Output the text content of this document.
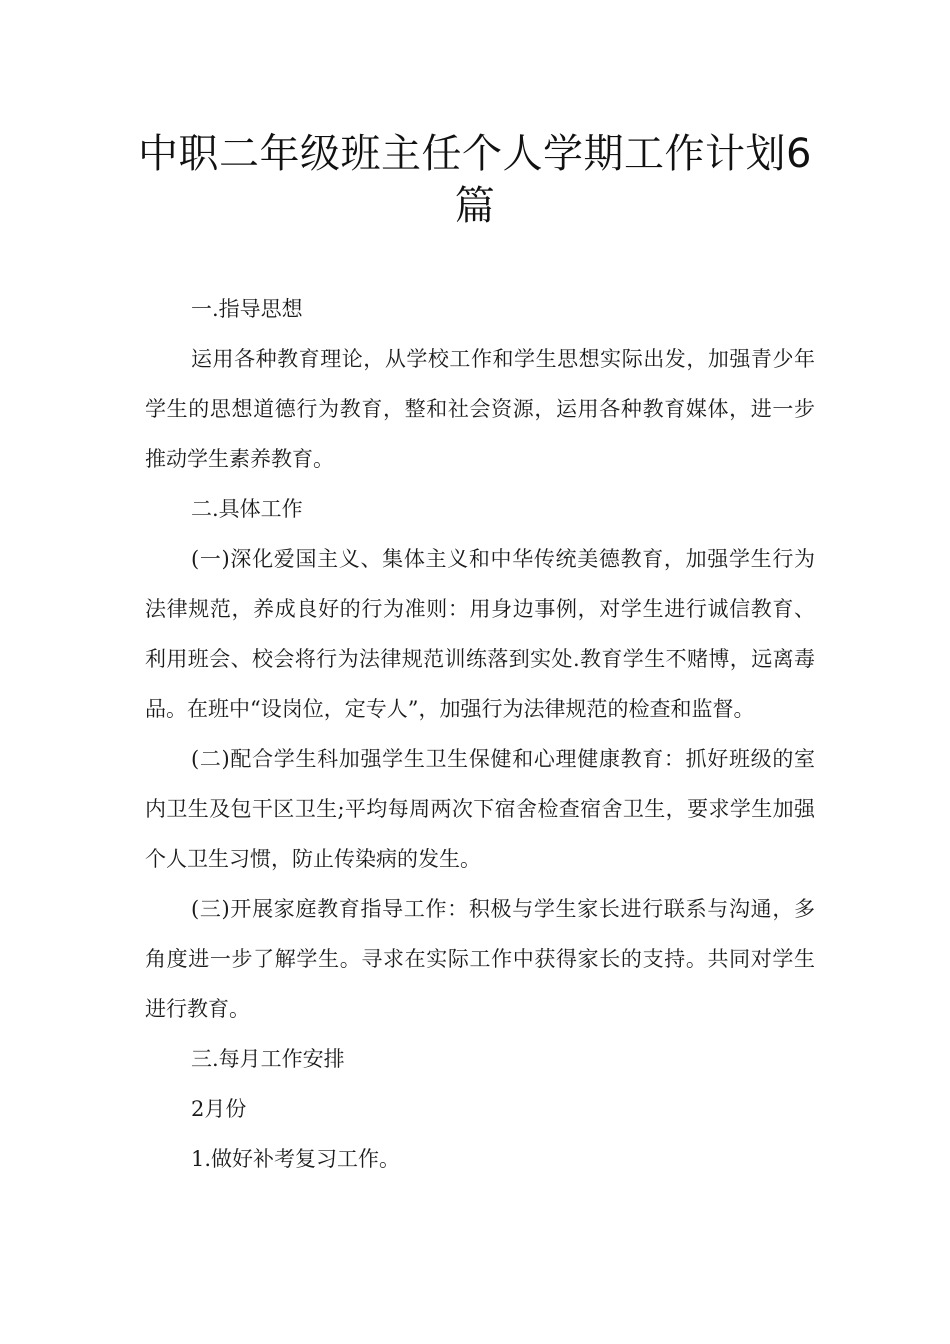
中职二年级班主任个人学期工作计划6篇

一.指导思想

运用各种教育理论，从学校工作和学生思想实际出发，加强青少年学生的思想道德行为教育，整和社会资源，运用各种教育媒体，进一步推动学生素养教育。

二.具体工作

(一)深化爱国主义、集体主义和中华传统美德教育，加强学生行为法律规范，养成良好的行为准则：用身边事例，对学生进行诚信教育、利用班会、校会将行为法律规范训练落到实处.教育学生不赌博，远离毒品。在班中“设岗位，定专人”，加强行为法律规范的检查和监督。

(二)配合学生科加强学生卫生保健和心理健康教育：抓好班级的室内卫生及包干区卫生;平均每周两次下宿舍检查宿舍卫生，要求学生加强个人卫生习惯，防止传染病的发生。

(三)开展家庭教育指导工作：积极与学生家长进行联系与沟通，多角度进一步了解学生。寻求在实际工作中获得家长的支持。共同对学生进行教育。

三.每月工作安排

2月份

1.做好补考复习工作。
